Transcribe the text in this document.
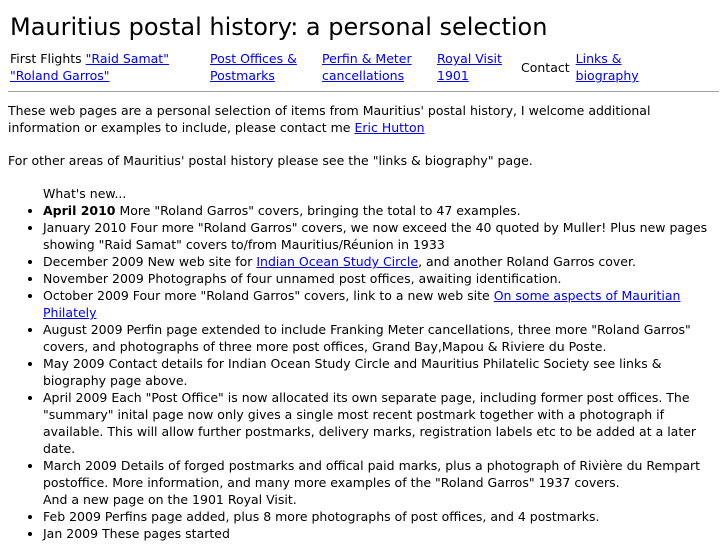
Mauritius postal history: a personal selection
First Flights "Raid Samat"
"Roland Garros"	Post Offices &
Postmarks	Perfin & Meter
cancellations	Royal Visit
1901	Contact	Links &
biography

These web pages are a personal selection of items from Mauritius' postal history, I welcome additional information or examples to include, please contact me Eric Hutton

For other areas of Mauritius' postal history please see the "links & biography" page.

What's new...
• April 2010 More "Roland Garros" covers, bringing the total to 47 examples.
• January 2010 Four more "Roland Garros" covers, we now exceed the 40 quoted by Muller! Plus new pages showing "Raid Samat" covers to/from Mauritius/Réunion in 1933
• December 2009 New web site for Indian Ocean Study Circle, and another Roland Garros cover.
• November 2009 Photographs of four unnamed post offices, awaiting identification.
• October 2009 Four more "Roland Garros" covers, link to a new web site On some aspects of Mauritian Philately
• August 2009 Perfin page extended to include Franking Meter cancellations, three more "Roland Garros" covers, and photographs of three more post offices, Grand Bay,Mapou & Riviere du Poste.
• May 2009 Contact details for Indian Ocean Study Circle and Mauritius Philatelic Society see links & biography page above.
• April 2009 Each "Post Office" is now allocated its own separate page, including former post offices. The "summary" inital page now only gives a single most recent postmark together with a photograph if available. This will allow further postmarks, delivery marks, registration labels etc to be added at a later date.
• March 2009 Details of forged postmarks and offical paid marks, plus a photograph of Rivière du Rempart postoffice. More information, and many more examples of the "Roland Garros" 1937 covers.
And a new page on the 1901 Royal Visit.
• Feb 2009 Perfins page added, plus 8 more photographs of post offices, and 4 postmarks.
• Jan 2009 These pages started
